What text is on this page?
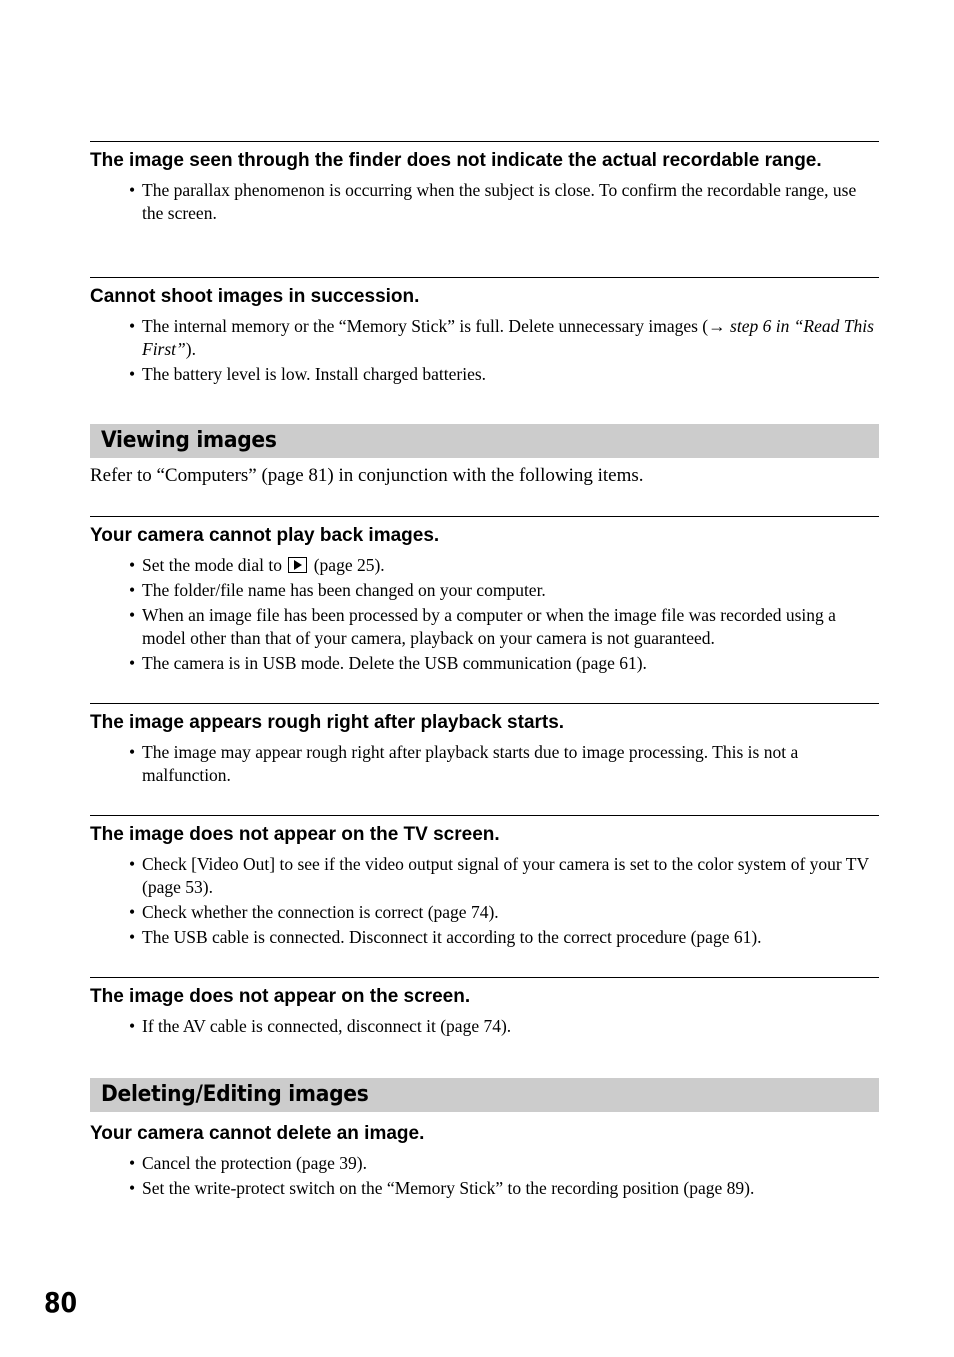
The image seen through the finder does not indicate the actual recordable range.
• The parallax phenomenon is occurring when the subject is close. To confirm the recordable range, use the screen.
Cannot shoot images in succession.
• The internal memory or the “Memory Stick” is full. Delete unnecessary images (→ step 6 in “Read This First”).
• The battery level is low. Install charged batteries.
Viewing images

Refer to “Computers” (page 81) in conjunction with the following items.

Your camera cannot play back images.
• Set the mode dial to (page 25).
• The folder/file name has been changed on your computer.
• When an image file has been processed by a computer or when the image file was recorded using a model other than that of your camera, playback on your camera is not guaranteed.
• The camera is in USB mode. Delete the USB communication (page 61).
The image appears rough right after playback starts.
• The image may appear rough right after playback starts due to image processing. This is not a malfunction.
The image does not appear on the TV screen.
• Check [Video Out] to see if the video output signal of your camera is set to the color system of your TV (page 53).
• Check whether the connection is correct (page 74).
• The USB cable is connected. Disconnect it according to the correct procedure (page 61).
The image does not appear on the screen.
• If the AV cable is connected, disconnect it (page 74).
Deleting/Editing images
Your camera cannot delete an image.
• Cancel the protection (page 39).
• Set the write-protect switch on the “Memory Stick” to the recording position (page 89).
80
